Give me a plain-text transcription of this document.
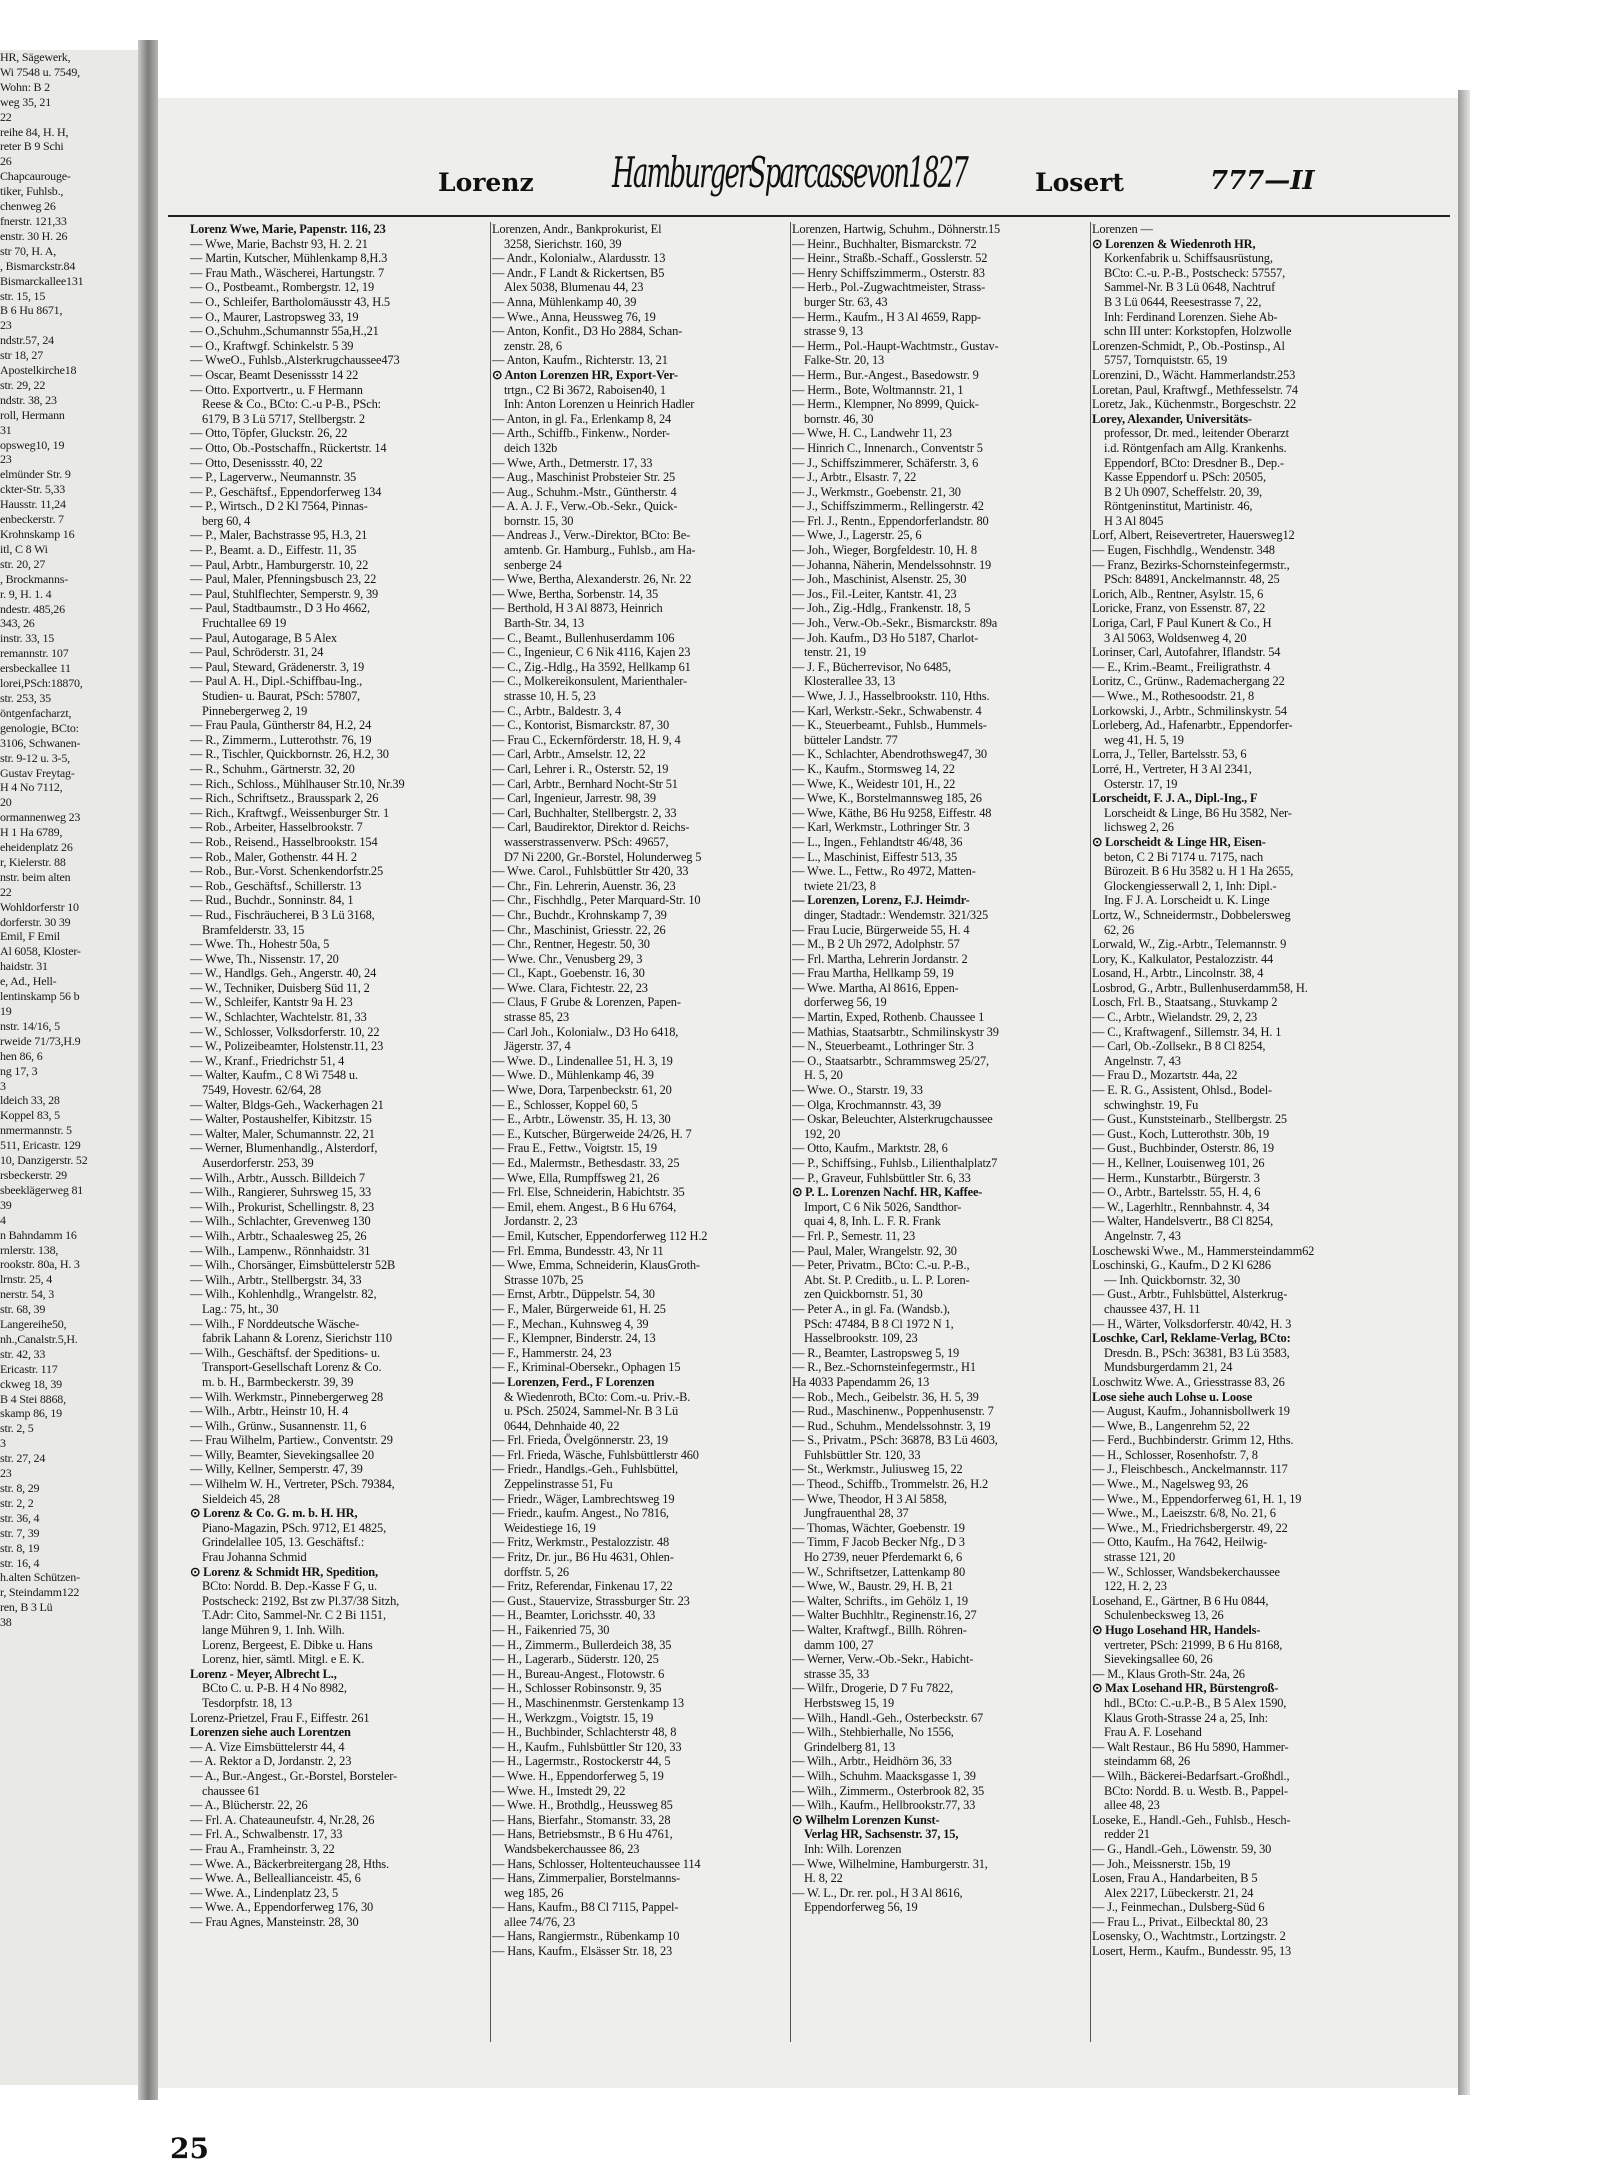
HR, Sägewerk,
Wi 7548 u. 7549,
Wohn: B 2
weg 35, 21
22
reihe 84, H. H,
reter B 9 Schi
26
Chapcaurouge-
tiker, Fuhlsb.,
chenweg 26
fnerstr. 121,33
enstr. 30 H. 26
str 70, H. A,
, Bismarckstr.84
Bismarckallee131
str. 15, 15
B 6 Hu 8671,
23
ndstr.57, 24
str 18, 27
Apostelkirche18
str. 29, 22
ndstr. 38, 23
roll, Hermann
31
opsweg10, 19
23
elmünder Str. 9
ckter-Str. 5,33
Hausstr. 11,24
enbeckerstr. 7
Krohnskamp 16
itl, C 8 Wi
str. 20, 27
, Brockmanns-
r. 9, H. 1. 4
ndestr. 485,26
343, 26
instr. 33, 15
remannstr. 107
ersbeckallee 11
lorei,PSch:18870,
str. 253, 35
öntgenfacharzt,
genologie, BCto:
3106, Schwanen-
str. 9-12 u. 3-5,
Gustav Freytag-
H 4 No 7112,
20
ormannenweg 23
H 1 Ha 6789,
eheidenplatz 26
r, Kielerstr. 88
nstr. beim alten
22
Wohldorferstr 10
dorferstr. 30 39
Emil, F Emil
Al 6058, Kloster-
haidstr. 31
e, Ad., Hell-
lentinskamp 56 b
19
nstr. 14/16, 5
rweide 71/73,H.9
hen 86, 6
ng 17, 3
3
ldeich 33, 28
Koppel 83, 5
nmermannstr. 5
511, Ericastr. 129
10, Danzigerstr. 52
rsbeckerstr. 29
sbeeklägerweg 81
39
4
n Bahndamm 16
rnlerstr. 138,
rookstr. 80a, H. 3
lrnstr. 25, 4
nerstr. 54, 3
str. 68, 39
Langereihe50,
nh.,Canalstr.5,H.
str. 42, 33
Ericastr. 117
ckweg 18, 39
B 4 Stei 8868,
skamp 86, 19
str. 2, 5
3
str. 27, 24
23
str. 8, 29
str. 2, 2
str. 36, 4
str. 7, 39
str. 8, 19
str. 16, 4
h.alten Schützen-
r, Steindamm122
ren, B 3 Lü
38
Lorenz HamburgerSparcassevon1827	Losert	777—II
Lorenz Wwe, Marie, Papenstr. 116, 23
— Wwe, Marie, Bachstr 93, H. 2. 21
— Martin, Kutscher, Mühlenkamp 8,H.3
— Frau Math., Wäscherei, Hartungstr. 7
— O., Postbeamt., Rombergstr. 12, 19
— O., Schleifer, Bartholomäusstr 43, H.5
— O., Maurer, Lastropsweg 33, 19
— O.,Schuhm.,Schumannstr 55a,H.,21
— O., Kraftwgf. Schinkelstr. 5 39
— WweO., Fuhlsb.,Alsterkrugchaussee473
— Oscar, Beamt Desenissstr 14 22
— Otto. Exportvertr., u. F Hermann
Reese & Co., BCto: C.-u P-B., PSch:
6179, B 3 Lü 5717, Stellbergstr. 2
— Otto, Töpfer, Gluckstr. 26, 22
— Otto, Ob.-Postschaffn., Rückertstr. 14
— Otto, Desenissstr. 40, 22
— P., Lagerverw., Neumannstr. 35
— P., Geschäftsf., Eppendorferweg 134
— P., Wirtsch., D 2 Kl 7564, Pinnas-
berg 60, 4
— P., Maler, Bachstrasse 95, H.3, 21
— P., Beamt. a. D., Eiffestr. 11, 35
— Paul, Arbtr., Hamburgerstr. 10, 22
— Paul, Maler, Pfenningsbusch 23, 22
— Paul, Stuhlflechter, Semperstr. 9, 39
— Paul, Stadtbaumstr., D 3 Ho 4662,
Fruchtallee 69 19
— Paul, Autogarage, B 5 Alex
— Paul, Schröderstr. 31, 24
— Paul, Steward, Grädenerstr. 3, 19
— Paul A. H., Dipl.-Schiffbau-Ing.,
Studien- u. Baurat, PSch: 57807,
Pinnebergerweg 2, 19
— Frau Paula, Güntherstr 84, H.2, 24
— R., Zimmerm., Lutterothstr. 76, 19
— R., Tischler, Quickbornstr. 26, H.2, 30
— R., Schuhm., Gärtnerstr. 32, 20
— Rich., Schloss., Mühlhauser Str.10, Nr.39
— Rich., Schriftsetz., Brausspark 2, 26
— Rich., Kraftwgf., Weissenburger Str. 1
— Rob., Arbeiter, Hasselbrookstr. 7
— Rob., Reisend., Hasselbrookstr. 154
— Rob., Maler, Gothenstr. 44 H. 2
— Rob., Bur.-Vorst. Schenkendorfstr.25
— Rob., Geschäftsf., Schillerstr. 13
— Rud., Buchdr., Sonninstr. 84, 1
— Rud., Fischräucherei, B 3 Lü 3168,
Bramfelderstr. 33, 15
— Wwe. Th., Hohestr 50a, 5
— Wwe, Th., Nissenstr. 17, 20
— W., Handlgs. Geh., Angerstr. 40, 24
— W., Techniker, Duisberg Süd 11, 2
— W., Schleifer, Kantstr 9a H. 23
— W., Schlachter, Wachtelstr. 81, 33
— W., Schlosser, Volksdorferstr. 10, 22
— W., Polizeibeamter, Holstenstr.11, 23
— W., Kranf., Friedrichstr 51, 4
— Walter, Kaufm., C 8 Wi 7548 u.
7549, Hovestr. 62/64, 28
— Walter, Bldgs-Geh., Wackerhagen 21
— Walter, Postaushelfer, Kibitzstr. 15
— Walter, Maler, Schumannstr. 22, 21
— Werner, Blumenhandlg., Alsterdorf,
Auserdorferstr. 253, 39
— Wilh., Arbtr., Aussch. Billdeich 7
— Wilh., Rangierer, Suhrsweg 15, 33
— Wilh., Prokurist, Schellingstr. 8, 23
— Wilh., Schlachter, Grevenweg 130
— Wilh., Arbtr., Schaalesweg 25, 26
— Wilh., Lampenw., Rönnhaidstr. 31
— Wilh., Chorsänger, Eimsbüttelerstr 52B
— Wilh., Arbtr., Stellbergstr. 34, 33
— Wilh., Kohlenhdlg., Wrangelstr. 82,
Lag.: 75, ht., 30
— Wilh., F Norddeutsche Wäsche-
fabrik Lahann & Lorenz, Sierichstr 110
— Wilh., Geschäftsf. der Speditions- u.
Transport-Gesellschaft Lorenz & Co.
m. b. H., Barmbeckerstr. 39, 39
— Wilh. Werkmstr., Pinnebergerweg 28
— Wilh., Arbtr., Heinstr 10, H. 4
— Wilh., Grünw., Susannenstr. 11, 6
— Frau Wilhelm, Partiew., Conventstr. 29
— Willy, Beamter, Sievekingsallee 20
— Willy, Kellner, Semperstr. 47, 39
— Wilhelm W. H., Vertreter, PSch. 79384,
Sieldeich 45, 28
⊙ Lorenz & Co. G. m. b. H. HR,
Piano-Magazin, PSch. 9712, E1 4825,
Grindelallee 105, 13. Geschäftsf.:
Frau Johanna Schmid
⊙ Lorenz & Schmidt HR, Spedition,
BCto: Nordd. B. Dep.-Kasse F G, u.
Postscheck: 2192, Bst zw Pl.37/38 Sitzh,
T.Adr: Cito, Sammel-Nr. C 2 Bi 1151,
lange Mühren 9, 1. Inh. Wilh.
Lorenz, Bergeest, E. Dibke u. Hans
Lorenz, hier, sämtl. Mitgl. e E. K.
Lorenz - Meyer, Albrecht L.,
BCto C. u. P-B. H 4 No 8982,
Tesdorpfstr. 18, 13
Lorenz-Prietzel, Frau F., Eiffestr. 261
Lorenzen siehe auch Lorentzen
— A. Vize Eimsbüttelerstr 44, 4
— A. Rektor a D, Jordanstr. 2, 23
— A., Bur.-Angest., Gr.-Borstel, Borsteler-
chaussee 61
— A., Blücherstr. 22, 26
— Frl. A. Chateauneufstr. 4, Nr.28, 26
— Frl. A., Schwalbenstr. 17, 33
— Frau A., Framheinstr. 3, 22
— Wwe. A., Bäckerbreitergang 28, Hths.
— Wwe. A., Belleallianceistr. 45, 6
— Wwe. A., Lindenplatz 23, 5
— Wwe. A., Eppendorferweg 176, 30
— Frau Agnes, Mansteinstr. 28, 30
Lorenzen, Andr., Bankprokurist, El
3258, Sierichstr. 160, 39
— Andr., Kolonialw., Alardusstr. 13
— Andr., F Landt & Rickertsen, B5
Alex 5038, Blumenau 44, 23
— Anna, Mühlenkamp 40, 39
— Wwe., Anna, Heussweg 76, 19
— Anton, Konfit., D3 Ho 2884, Schan-
zenstr. 28, 6
— Anton, Kaufm., Richterstr. 13, 21
⊙ Anton Lorenzen HR, Export-Ver-
trtgn., C2 Bi 3672, Raboisen40, 1
Inh: Anton Lorenzen u Heinrich Hadler
— Anton, in gl. Fa., Erlenkamp 8, 24
— Arth., Schiffb., Finkenw., Norder-
deich 132b
— Wwe, Arth., Detmerstr. 17, 33
— Aug., Maschinist Probsteier Str. 25
— Aug., Schuhm.-Mstr., Güntherstr. 4
— A. A. J. F., Verw.-Ob.-Sekr., Quick-
bornstr. 15, 30
— Andreas J., Verw.-Direktor, BCto: Be-
amtenb. Gr. Hamburg., Fuhlsb., am Ha-
senberge 24
— Wwe, Bertha, Alexanderstr. 26, Nr. 22
— Wwe, Bertha, Sorbenstr. 14, 35
— Berthold, H 3 Al 8873, Heinrich
Barth-Str. 34, 13
— C., Beamt., Bullenhuserdamm 106
— C., Ingenieur, C 6 Nik 4116, Kajen 23
— C., Zig.-Hdlg., Ha 3592, Hellkamp 61
— C., Molkereikonsulent, Marienthaler-
strasse 10, H. 5, 23
— C., Arbtr., Baldestr. 3, 4
— C., Kontorist, Bismarckstr. 87, 30
— Frau C., Eckernförderstr. 18, H. 9, 4
— Carl, Arbtr., Amselstr. 12, 22
— Carl, Lehrer i. R., Osterstr. 52, 19
— Carl, Arbtr., Bernhard Nocht-Str 51
— Carl, Ingenieur, Jarrestr. 98, 39
— Carl, Buchhalter, Stellbergstr. 2, 33
— Carl, Baudirektor, Direktor d. Reichs-
wasserstrassenverw. PSch: 49657,
D7 Ni 2200, Gr.-Borstel, Holunderweg 5
— Wwe. Carol., Fuhlsbüttler Str 420, 33
— Chr., Fin. Lehrerin, Auenstr. 36, 23
— Chr., Fischhdlg., Peter Marquard-Str. 10
— Chr., Buchdr., Krohnskamp 7, 39
— Chr., Maschinist, Griesstr. 22, 26
— Chr., Rentner, Hegestr. 50, 30
— Wwe. Chr., Venusberg 29, 3
— Cl., Kapt., Goebenstr. 16, 30
— Wwe. Clara, Fichtestr. 22, 23
— Claus, F Grube & Lorenzen, Papen-
strasse 85, 23
— Carl Joh., Kolonialw., D3 Ho 6418,
Jägerstr. 37, 4
— Wwe. D., Lindenallee 51, H. 3, 19
— Wwe. D., Mühlenkamp 46, 39
— Wwe, Dora, Tarpenbeckstr. 61, 20
— E., Schlosser, Koppel 60, 5
— E., Arbtr., Löwenstr. 35, H. 13, 30
— E., Kutscher, Bürgerweide 24/26, H. 7
— Frau E., Fettw., Voigtstr. 15, 19
— Ed., Malermstr., Bethesdastr. 33, 25
— Wwe, Ella, Rumpffsweg 21, 26
— Frl. Else, Schneiderin, Habichtstr. 35
— Emil, ehem. Angest., B 6 Hu 6764,
Jordanstr. 2, 23
— Emil, Kutscher, Eppendorferweg 112 H.2
— Frl. Emma, Bundesstr. 43, Nr 11
— Wwe, Emma, Schneiderin, KlausGroth-
Strasse 107b, 25
— Ernst, Arbtr., Düppelstr. 54, 30
— F., Maler, Bürgerweide 61, H. 25
— F., Mechan., Kuhnsweg 4, 39
— F., Klempner, Binderstr. 24, 13
— F., Hammerstr. 24, 23
— F., Kriminal-Obersekr., Ophagen 15
— Lorenzen, Ferd., F Lorenzen
& Wiedenroth, BCto: Com.-u. Priv.-B.
u. PSch. 25024, Sammel-Nr. B 3 Lü
0644, Dehnhaide 40, 22
— Frl. Frieda, Övelgönnerstr. 23, 19
— Frl. Frieda, Wäsche, Fuhlsbüttlerstr 460
— Friedr., Handlgs.-Geh., Fuhlsbüttel,
Zeppelinstrasse 51, Fu
— Friedr., Wäger, Lambrechtsweg 19
— Friedr., kaufm. Angest., No 7816,
Weidestiege 16, 19
— Fritz, Werkmstr., Pestalozzistr. 48
— Fritz, Dr. jur., B6 Hu 4631, Ohlen-
dorffstr. 5, 26
— Fritz, Referendar, Finkenau 17, 22
— Gust., Stauervize, Strassburger Str. 23
— H., Beamter, Lorichsstr. 40, 33
— H., Faikenried 75, 30
— H., Zimmerm., Bullerdeich 38, 35
— H., Lagerarb., Süderstr. 120, 25
— H., Bureau-Angest., Flotowstr. 6
— H., Schlosser Robinsonstr. 9, 35
— H., Maschinenmstr. Gerstenkamp 13
— H., Werkzgm., Voigtstr. 15, 19
— H., Buchbinder, Schlachterstr 48, 8
— H., Kaufm., Fuhlsbüttler Str 120, 33
— H., Lagermstr., Rostockerstr 44, 5
— Wwe. H., Eppendorferweg 5, 19
— Wwe. H., Imstedt 29, 22
— Wwe. H., Brothdlg., Heussweg 85
— Hans, Bierfahr., Stomanstr. 33, 28
— Hans, Betriebsmstr., B 6 Hu 4761,
Wandsbekerchaussee 86, 23
— Hans, Schlosser, Holtenteuchaussee 114
— Hans, Zimmerpalier, Borstelmanns-
weg 185, 26
— Hans, Kaufm., B8 Cl 7115, Pappel-
allee 74/76, 23
— Hans, Rangiermstr., Rübenkamp 10
— Hans, Kaufm., Elsässer Str. 18, 23
Lorenzen, Hartwig, Schuhm., Döhnerstr.15
— Heinr., Buchhalter, Bismarckstr. 72
— Heinr., Straßb.-Schaff., Gosslerstr. 52
— Henry Schiffszimmerm., Osterstr. 83
— Herb., Pol.-Zugwachtmeister, Strass-
burger Str. 63, 43
— Herm., Kaufm., H 3 Al 4659, Rapp-
strasse 9, 13
— Herm., Pol.-Haupt-Wachtmstr., Gustav-
Falke-Str. 20, 13
— Herm., Bur.-Angest., Basedowstr. 9
— Herm., Bote, Woltmannstr. 21, 1
— Herm., Klempner, No 8999, Quick-
bornstr. 46, 30
— Wwe, H. C., Landwehr 11, 23
— Hinrich C., Innenarch., Conventstr 5
— J., Schiffszimmerer, Schäferstr. 3, 6
— J., Arbtr., Elsastr. 7, 22
— J., Werkmstr., Goebenstr. 21, 30
— J., Schiffszimmerm., Rellingerstr. 42
— Frl. J., Rentn., Eppendorferlandstr. 80
— Wwe, J., Lagerstr. 25, 6
— Joh., Wieger, Borgfeldestr. 10, H. 8
— Johanna, Näherin, Mendelssohnstr. 19
— Joh., Maschinist, Alsenstr. 25, 30
— Jos., Fil.-Leiter, Kantstr. 41, 23
— Joh., Zig.-Hdlg., Frankenstr. 18, 5
— Joh., Verw.-Ob.-Sekr., Bismarckstr. 89a
— Joh. Kaufm., D3 Ho 5187, Charlot-
tenstr. 21, 19
— J. F., Bücherrevisor, No 6485,
Klosterallee 33, 13
— Wwe, J. J., Hasselbrookstr. 110, Hths.
— Karl, Werkstr.-Sekr., Schwabenstr. 4
— K., Steuerbeamt., Fuhlsb., Hummels-
bütteler Landstr. 77
— K., Schlachter, Abendrothsweg47, 30
— K., Kaufm., Stormsweg 14, 22
— Wwe, K., Weidestr 101, H., 22
— Wwe, K., Borstelmannsweg 185, 26
— Wwe, Käthe, B6 Hu 9258, Eiffestr. 48
— Karl, Werkmstr., Lothringer Str. 3
— L., Ingen., Fehlandtstr 46/48, 36
— L., Maschinist, Eiffestr 513, 35
— Wwe. L., Fettw., Ro 4972, Matten-
twiete 21/23, 8
— Lorenzen, Lorenz, F.J. Heimdr-
dinger, Stadtadr.: Wendemstr. 321/325
— Frau Lucie, Bürgerweide 55, H. 4
— M., B 2 Uh 2972, Adolphstr. 57
— Frl. Martha, Lehrerin Jordanstr. 2
— Frau Martha, Hellkamp 59, 19
— Wwe. Martha, Al 8616, Eppen-
dorferweg 56, 19
— Martin, Exped, Rothenb. Chaussee 1
— Mathias, Staatsarbtr., Schmilinskystr 39
— N., Steuerbeamt., Lothringer Str. 3
— O., Staatsarbtr., Schrammsweg 25/27,
H. 5, 20
— Wwe. O., Starstr. 19, 33
— Olga, Krochmannstr. 43, 39
— Oskar, Beleuchter, Alsterkrugchaussee
192, 20
— Otto, Kaufm., Marktstr. 28, 6
— P., Schiffsing., Fuhlsb., Lilienthalplatz7
— P., Graveur, Fuhlsbüttler Str. 6, 33
⊙ P. L. Lorenzen Nachf. HR, Kaffee-
Import, C 6 Nik 5026, Sandthor-
quai 4, 8, Inh. L. F. R. Frank
— Frl. P., Semestr. 11, 23
— Paul, Maler, Wrangelstr. 92, 30
— Peter, Privatm., BCto: C.-u. P.-B.,
Abt. St. P. Creditb., u. L. P. Loren-
zen Quickbornstr. 51, 30
— Peter A., in gl. Fa. (Wandsb.),
PSch: 47484, B 8 Cl 1972 N 1,
Hasselbrookstr. 109, 23
— R., Beamter, Lastropsweg 5, 19
— R., Bez.-Schornsteinfegermstr., H1
Ha 4033 Papendamm 26, 13
— Rob., Mech., Geibelstr. 36, H. 5, 39
— Rud., Maschinenw., Poppenhusenstr. 7
— Rud., Schuhm., Mendelssohnstr. 3, 19
— S., Privatm., PSch: 36878, B3 Lü 4603,
Fuhlsbüttler Str. 120, 33
— St., Werkmstr., Juliusweg 15, 22
— Theod., Schiffb., Trommelstr. 26, H.2
— Wwe, Theodor, H 3 Al 5858,
Jungfrauenthal 28, 37
— Thomas, Wächter, Goebenstr. 19
— Timm, F Jacob Becker Nfg., D 3
Ho 2739, neuer Pferdemarkt 6, 6
— W., Schriftsetzer, Lattenkamp 80
— Wwe, W., Baustr. 29, H. B, 21
— Walter, Schrifts., im Gehölz 1, 19
— Walter Buchhltr., Reginenstr.16, 27
— Walter, Kraftwgf., Billh. Röhren-
damm 100, 27
— Werner, Verw.-Ob.-Sekr., Habicht-
strasse 35, 33
— Wilfr., Drogerie, D 7 Fu 7822,
Herbstsweg 15, 19
— Wilh., Handl.-Geh., Osterbeckstr. 67
— Wilh., Stehbierhalle, No 1556,
Grindelberg 81, 13
— Wilh., Arbtr., Heidhörn 36, 33
— Wilh., Schuhm. Maacksgasse 1, 39
— Wilh., Zimmerm., Osterbrook 82, 35
— Wilh., Kaufm., Hellbrookstr.77, 33
⊙ Wilhelm Lorenzen Kunst-
Verlag HR, Sachsenstr. 37, 15,
Inh: Wilh. Lorenzen
— Wwe, Wilhelmine, Hamburgerstr. 31,
H. 8, 22
— W. L., Dr. rer. pol., H 3 Al 8616,
Eppendorferweg 56, 19
Lorenzen —
⊙ Lorenzen & Wiedenroth HR,
Korkenfabrik u. Schiffsausrüstung,
BCto: C.-u. P.-B., Postscheck: 57557,
Sammel-Nr. B 3 Lü 0648, Nachtruf
B 3 Lü 0644, Reesestrasse 7, 22,
Inh: Ferdinand Lorenzen. Siehe Ab-
schn III unter: Korkstopfen, Holzwolle
Lorenzen-Schmidt, P., Ob.-Postinsp., Al
5757, Tornquiststr. 65, 19
Lorenzini, D., Wächt. Hammerlandstr.253
Loretan, Paul, Kraftwgf., Methfesselstr. 74
Loretz, Jak., Küchenmstr., Borgeschstr. 22
Lorey, Alexander, Universitäts-
professor, Dr. med., leitender Oberarzt
i.d. Röntgenfach am Allg. Krankenhs.
Eppendorf, BCto: Dresdner B., Dep.-
Kasse Eppendorf u. PSch: 20505,
B 2 Uh 0907, Scheffelstr. 20, 39,
Röntgeninstitut, Martinistr. 46,
H 3 Al 8045
Lorf, Albert, Reisevertreter, Hauersweg12
— Eugen, Fischhdlg., Wendenstr. 348
— Franz, Bezirks-Schornsteinfegermstr.,
PSch: 84891, Anckelmannstr. 48, 25
Lorich, Alb., Rentner, Asylstr. 15, 6
Loricke, Franz, von Essenstr. 87, 22
Loriga, Carl, F Paul Kunert & Co., H
3 Al 5063, Woldsenweg 4, 20
Lorinser, Carl, Autofahrer, Iflandstr. 54
— E., Krim.-Beamt., Freiligrathstr. 4
Loritz, C., Grünw., Rademachergang 22
— Wwe., M., Rothesoodstr. 21, 8
Lorkowski, J., Arbtr., Schmilinskystr. 54
Lorleberg, Ad., Hafenarbtr., Eppendorfer-
weg 41, H. 5, 19
Lorra, J., Teller, Bartelsstr. 53, 6
Lorré, H., Vertreter, H 3 Al 2341,
Osterstr. 17, 19
Lorscheidt, F. J. A., Dipl.-Ing., F
Lorscheidt & Linge, B6 Hu 3582, Ner-
lichsweg 2, 26
⊙ Lorscheidt & Linge HR, Eisen-
beton, C 2 Bi 7174 u. 7175, nach
Bürozeit. B 6 Hu 3582 u. H 1 Ha 2655,
Glockengiesserwall 2, 1, Inh: Dipl.-
Ing. F J. A. Lorscheidt u. K. Linge
Lortz, W., Schneidermstr., Dobbelersweg
62, 26
Lorwald, W., Zig.-Arbtr., Telemannstr. 9
Lory, K., Kalkulator, Pestalozzistr. 44
Losand, H., Arbtr., Lincolnstr. 38, 4
Losbrod, G., Arbtr., Bullenhuserdamm58, H.
Losch, Frl. B., Staatsang., Stuvkamp 2
— C., Arbtr., Wielandstr. 29, 2, 23
— C., Kraftwagenf., Sillemstr. 34, H. 1
— Carl, Ob.-Zollsekr., B 8 Cl 8254,
Angelnstr. 7, 43
— Frau D., Mozartstr. 44a, 22
— E. R. G., Assistent, Ohlsd., Bodel-
schwinghstr. 19, Fu
— Gust., Kunststeinarb., Stellbergstr. 25
— Gust., Koch, Lutterothstr. 30b, 19
— Gust., Buchbinder, Osterstr. 86, 19
— H., Kellner, Louisenweg 101, 26
— Herm., Kunstarbtr., Bürgerstr. 3
— O., Arbtr., Bartelsstr. 55, H. 4, 6
— W., Lagerhltr., Rennbahnstr. 4, 34
— Walter, Handelsvertr., B8 Cl 8254,
Angelnstr. 7, 43
Loschewski Wwe., M., Hammersteindamm62
Loschinski, G., Kaufm., D 2 Kl 6286
— Inh. Quickbornstr. 32, 30
— Gust., Arbtr., Fuhlsbüttel, Alsterkrug-
chaussee 437, H. 11
— H., Wärter, Volksdorferstr. 40/42, H. 3
Loschke, Carl, Reklame-Verlag, BCto:
Dresdn. B., PSch: 36381, B3 Lü 3583,
Mundsburgerdamm 21, 24
Loschwitz Wwe. A., Griesstrasse 83, 26
Lose siehe auch Lohse u. Loose
— August, Kaufm., Johannisbollwerk 19
— Wwe, B., Langenrehm 52, 22
— Ferd., Buchbinderstr. Grimm 12, Hths.
— H., Schlosser, Rosenhofstr. 7, 8
— J., Fleischbesch., Anckelmannstr. 117
— Wwe., M., Nagelsweg 93, 26
— Wwe., M., Eppendorferweg 61, H. 1, 19
— Wwe., M., Laeiszstr. 6/8, No. 21, 6
— Wwe., M., Friedrichsbergerstr. 49, 22
— Otto, Kaufm., Ha 7642, Heilwig-
strasse 121, 20
— W., Schlosser, Wandsbekerchaussee
122, H. 2, 23
Losehand, E., Gärtner, B 6 Hu 0844,
Schulenbecksweg 13, 26
⊙ Hugo Losehand HR, Handels-
vertreter, PSch: 21999, B 6 Hu 8168,
Sievekingsallee 60, 26
— M., Klaus Groth-Str. 24a, 26
⊙ Max Losehand HR, Bürstengroß-
hdl., BCto: C.-u.P.-B., B 5 Alex 1590,
Klaus Groth-Strasse 24 a, 25, Inh:
Frau A. F. Losehand
— Walt Restaur., B6 Hu 5890, Hammer-
steindamm 68, 26
— Wilh., Bäckerei-Bedarfsart.-Großhdl.,
BCto: Nordd. B. u. Westb. B., Pappel-
allee 48, 23
Loseke, E., Handl.-Geh., Fuhlsb., Hesch-
redder 21
— G., Handl.-Geh., Löwenstr. 59, 30
— Joh., Meissnerstr. 15b, 19
Losen, Frau A., Handarbeiten, B 5
Alex 2217, Lübeckerstr. 21, 24
— J., Feinmechan., Dulsberg-Süd 6
— Frau L., Privat., Eilbecktal 80, 23
Losensky, O., Wachtmstr., Lortzingstr. 2
Losert, Herm., Kaufm., Bundesstr. 95, 13
25
